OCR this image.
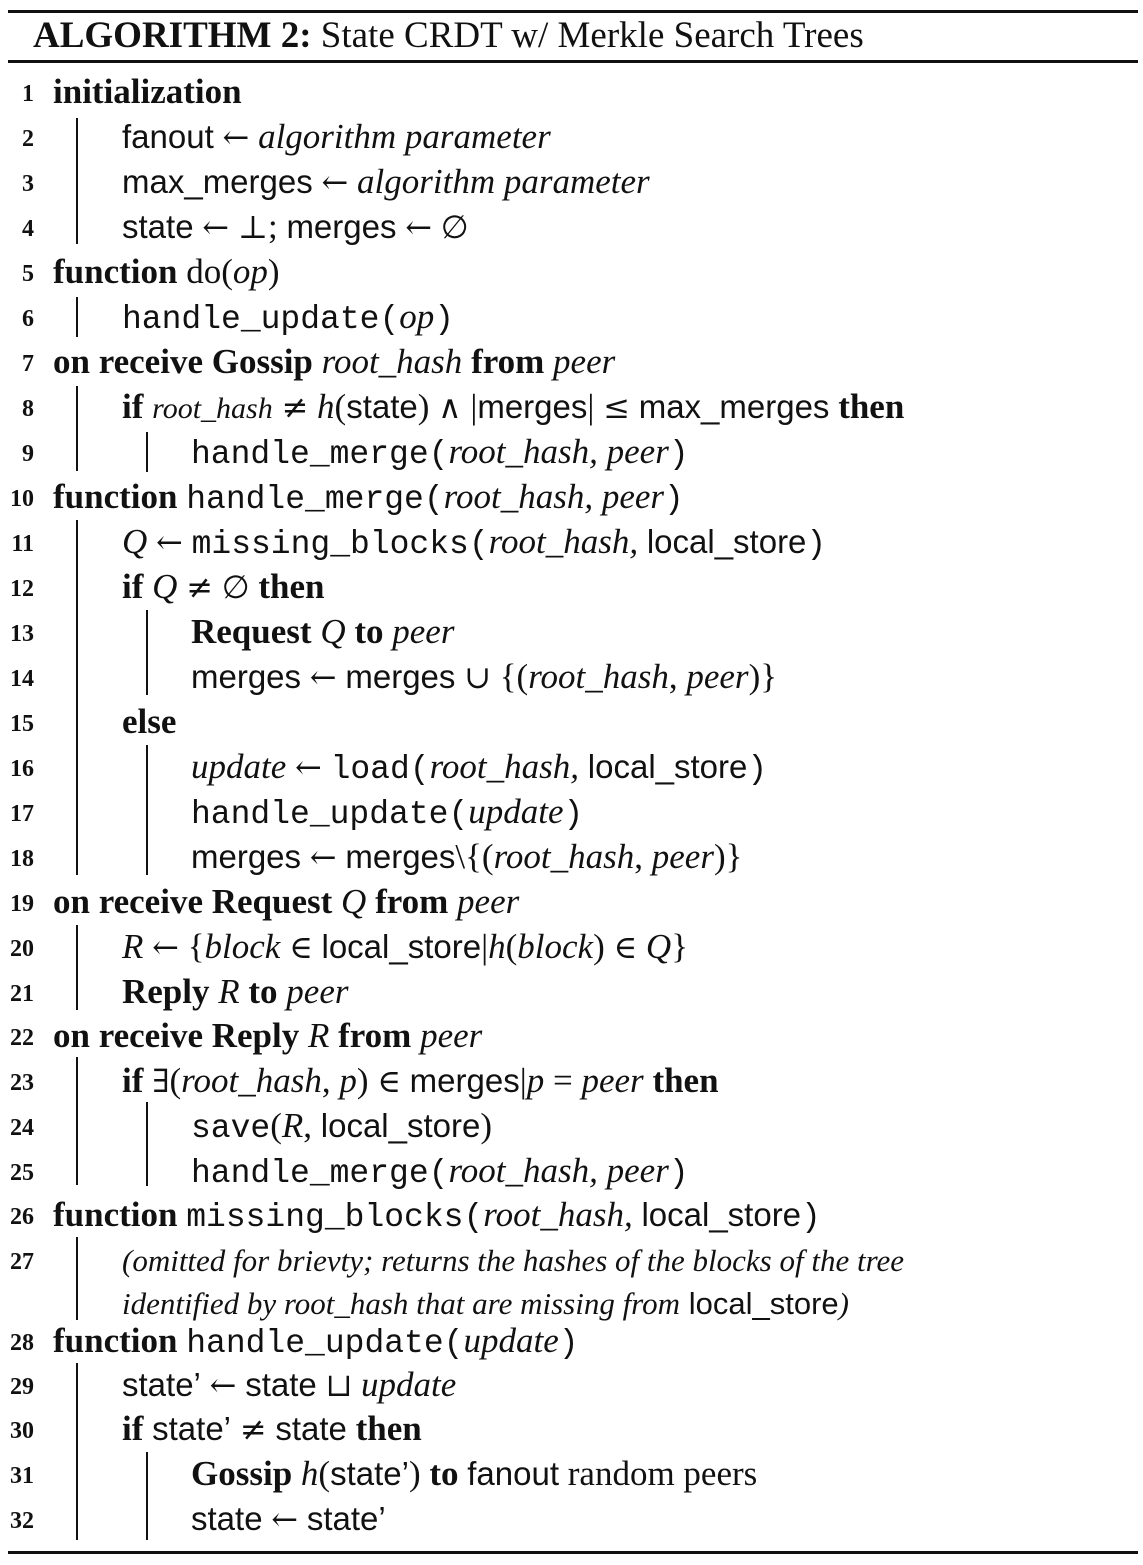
ALGORITHM 2: State CRDT w/ Merkle Search Trees
1 initialization
2	fanout ← algorithm parameter
3	max_merges ← algorithm parameter
4	state ← ⊥; merges ← ∅
5 function do(op)
6	handle_update(op)
7 on receive Gossip root_hash from peer
8	if root_hash ≠ h(state) ∧ |merges| ≤ max_merges then
9	handle_merge(root_hash, peer)
10 function handle_merge(root_hash, peer)
11	Q ← missing_blocks(root_hash, local_store)
12	if Q ≠ ∅ then
13	Request Q to peer
14	merges ← merges ∪ {(root_hash, peer)}
15	else
16	update ← load(root_hash, local_store)
17	handle_update(update)
18	merges ← merges\{(root_hash, peer)}
19 on receive Request Q from peer
20	R ← {block ∈ local_store|h(block) ∈ Q}
21	Reply R to peer
22 on receive Reply R from peer
23	if ∃(root_hash, p) ∈ merges|p = peer then
24	save(R, local_store)
25	handle_merge(root_hash, peer)
26 function missing_blocks(root_hash, local_store)
27	(omitted for brievty; returns the hashes of the blocks of the tree
identified by root_hash that are missing from local_store)
28 function handle_update(update)
29	state’ ← state ⊔ update
30	if state’ ≠ state then
31	Gossip h(state’) to fanout random peers
32	state ← state’
